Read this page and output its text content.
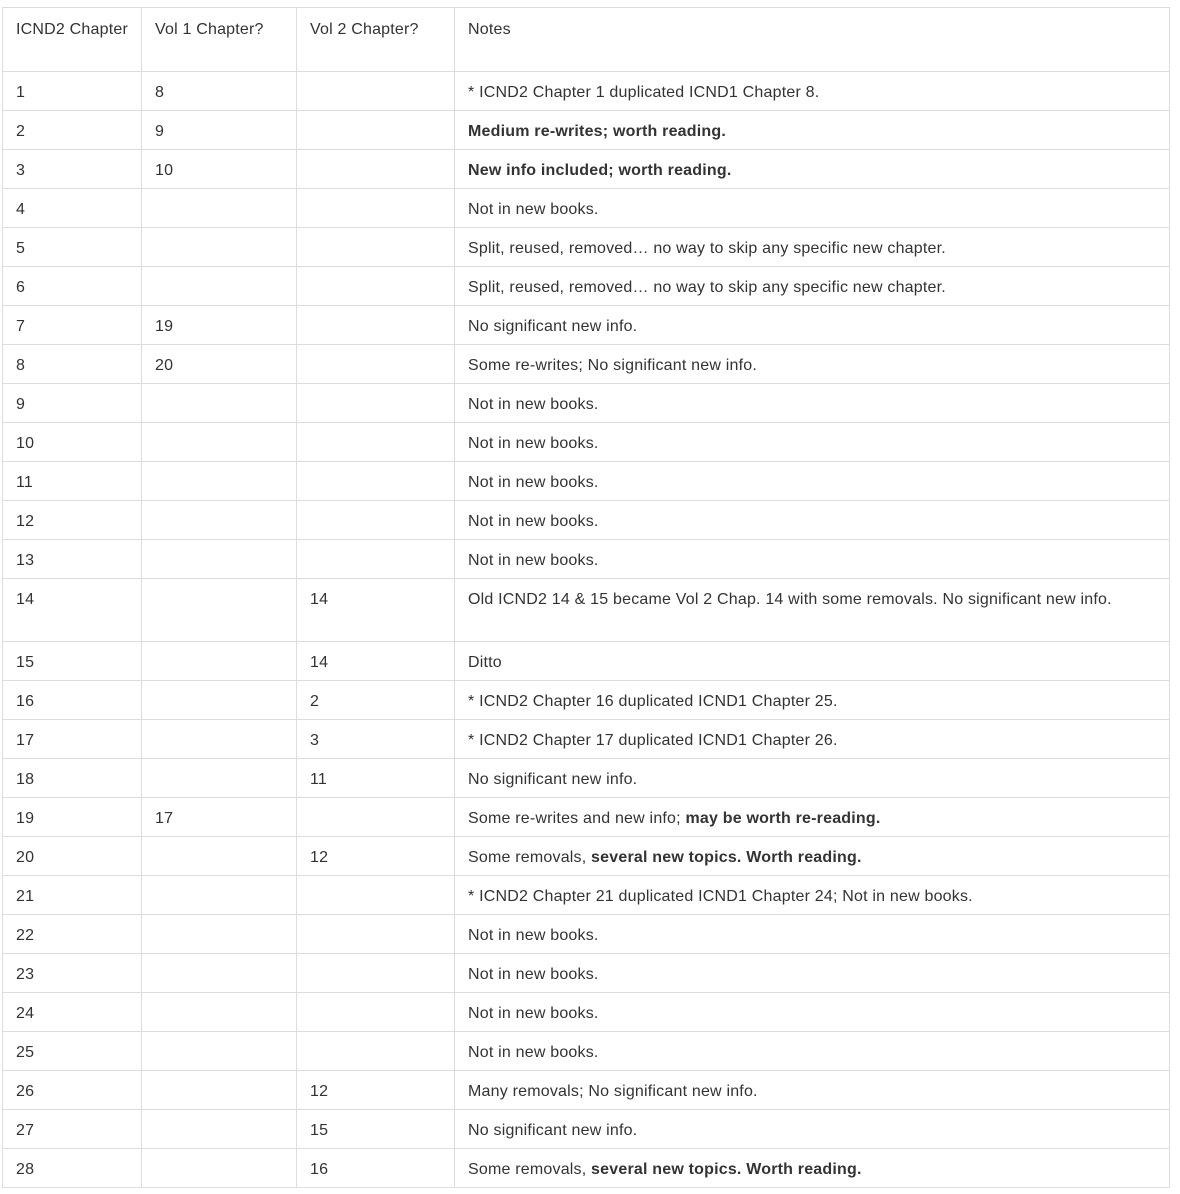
ICND2 Chapter	Vol 1 Chapter?	Vol 2 Chapter?	Notes
1	8		* ICND2 Chapter 1 duplicated ICND1 Chapter 8.
2	9		Medium re-writes; worth reading.
3	10		New info included; worth reading.
4			Not in new books.
5			Split, reused, removed… no way to skip any specific new chapter.
6			Split, reused, removed… no way to skip any specific new chapter.
7	19		No significant new info.
8	20		Some re-writes; No significant new info.
9			Not in new books.
10			Not in new books.
11			Not in new books.
12			Not in new books.
13			Not in new books.
14		14	Old ICND2 14 & 15 became Vol 2 Chap. 14 with some removals. No significant new info.
15		14	Ditto
16		2	* ICND2 Chapter 16 duplicated ICND1 Chapter 25.
17		3	* ICND2 Chapter 17 duplicated ICND1 Chapter 26.
18		11	No significant new info.
19	17		Some re-writes and new info; may be worth re-reading.
20		12	Some removals, several new topics. Worth reading.
21			* ICND2 Chapter 21 duplicated ICND1 Chapter 24; Not in new books.
22			Not in new books.
23			Not in new books.
24			Not in new books.
25			Not in new books.
26		12	Many removals; No significant new info.
27		15	No significant new info.
28		16	Some removals, several new topics. Worth reading.
